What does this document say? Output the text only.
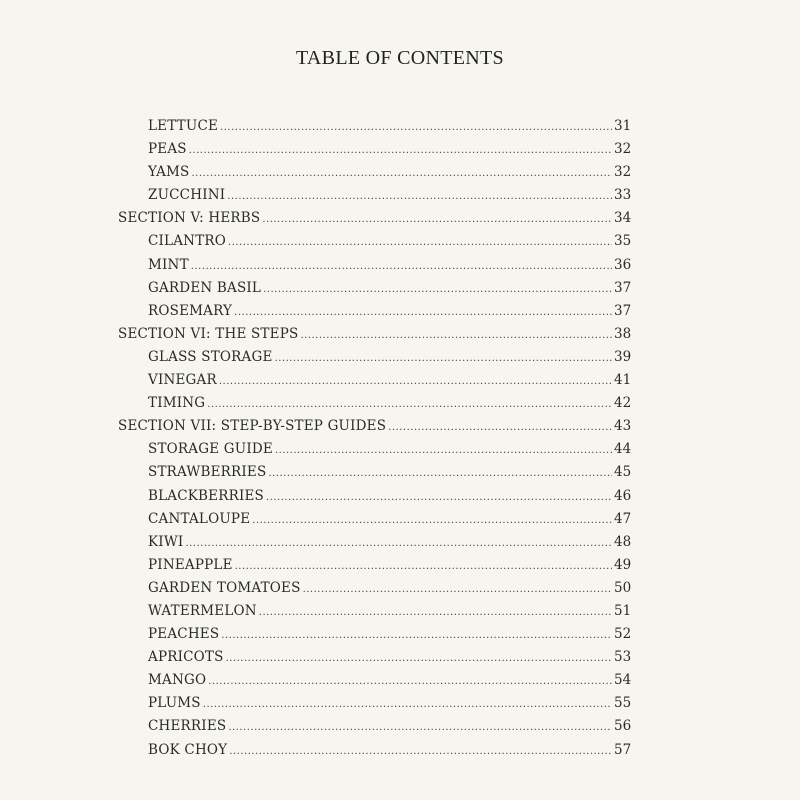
TABLE OF CONTENTS
LETTUCE .....	31
PEAS .....	32
YAMS .....	32
ZUCCHINI .....	33
SECTION V: HERBS .....	34
CILANTRO .....	35
MINT .....	36
GARDEN BASIL .....	37
ROSEMARY .....	37
SECTION VI: THE STEPS .....	38
GLASS STORAGE .....	39
VINEGAR .....	41
TIMING .....	42
SECTION VII: STEP-BY-STEP GUIDES .....	43
STORAGE GUIDE .....	44
STRAWBERRIES .....	45
BLACKBERRIES .....	46
CANTALOUPE .....	47
KIWI .....	48
PINEAPPLE .....	49
GARDEN TOMATOES .....	50
WATERMELON .....	51
PEACHES .....	52
APRICOTS .....	53
MANGO .....	54
PLUMS .....	55
CHERRIES .....	56
BOK CHOY .....	57
